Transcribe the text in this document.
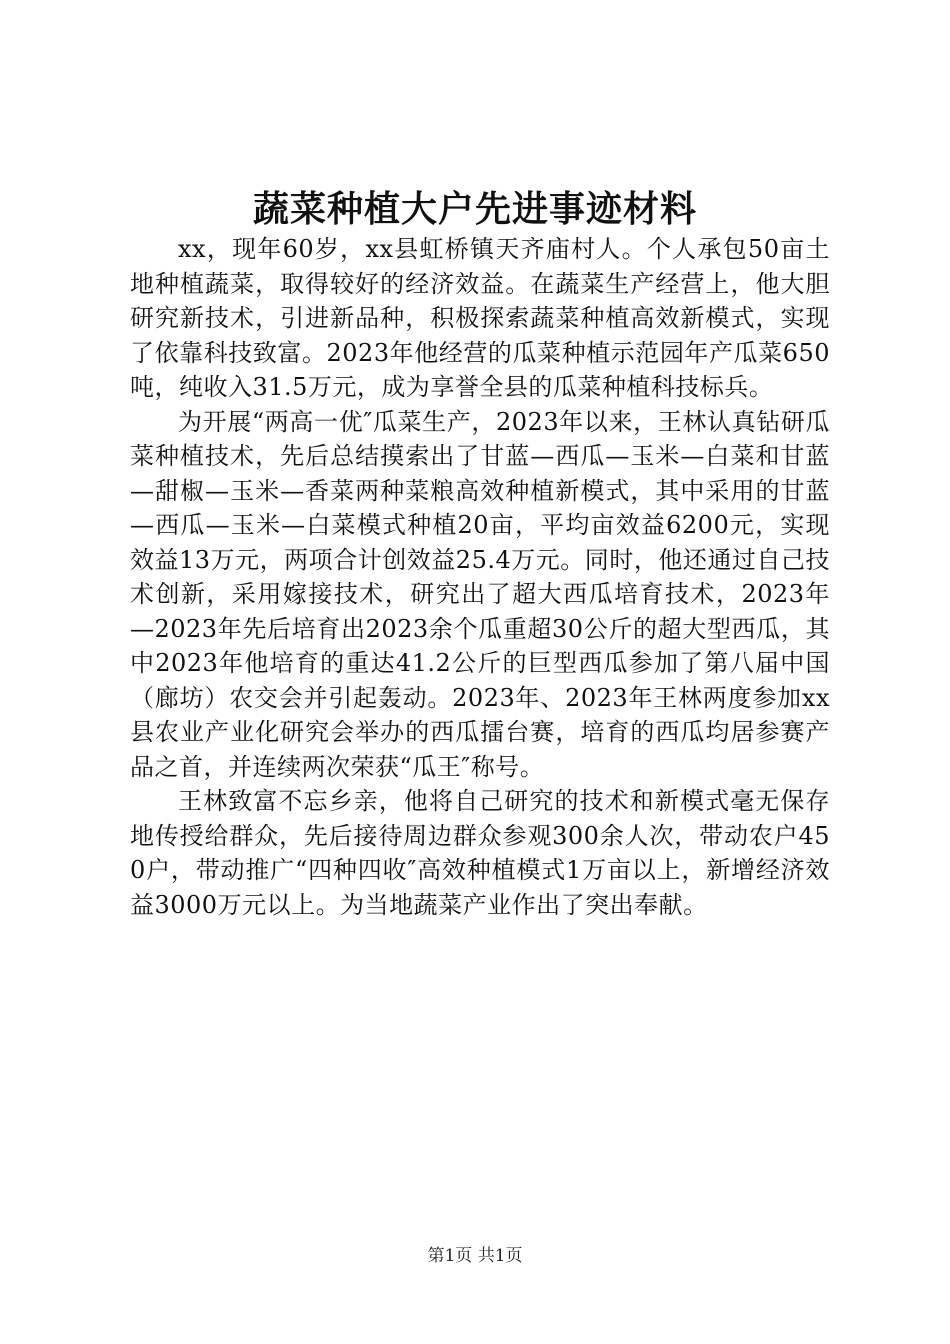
蔬菜种植大户先进事迹材料

xx，现年60岁，xx县虹桥镇天齐庙村人。个人承包50亩土地种植蔬菜，取得较好的经济效益。在蔬菜生产经营上，他大胆研究新技术，引进新品种，积极探索蔬菜种植高效新模式，实现了依靠科技致富。2023年他经营的瓜菜种植示范园年产瓜菜650吨，纯收入31.5万元，成为享誉全县的瓜菜种植科技标兵。

为开展“两高一优″瓜菜生产，2023年以来，王林认真钻研瓜菜种植技术，先后总结摸索出了甘蓝—西瓜—玉米—白菜和甘蓝—甜椒—玉米—香菜两种菜粮高效种植新模式，其中采用的甘蓝—西瓜—玉米—白菜模式种植20亩，平均亩效益6200元，实现效益13万元，两项合计创效益25.4万元。同时，他还通过自己技术创新，采用嫁接技术，研究出了超大西瓜培育技术，2023年—2023年先后培育出2023余个瓜重超30公斤的超大型西瓜，其中2023年他培育的重达41.2公斤的巨型西瓜参加了第八届中国（廊坊）农交会并引起轰动。2023年、2023年王林两度参加xx县农业产业化研究会举办的西瓜擂台赛，培育的西瓜均居参赛产品之首，并连续两次荣获“瓜王″称号。

王林致富不忘乡亲，他将自己研究的技术和新模式毫无保存地传授给群众，先后接待周边群众参观300余人次，带动农户450户，带动推广“四种四收″高效种植模式1万亩以上，新增经济效益3000万元以上。为当地蔬菜产业作出了突出奉献。

第1页 共1页
